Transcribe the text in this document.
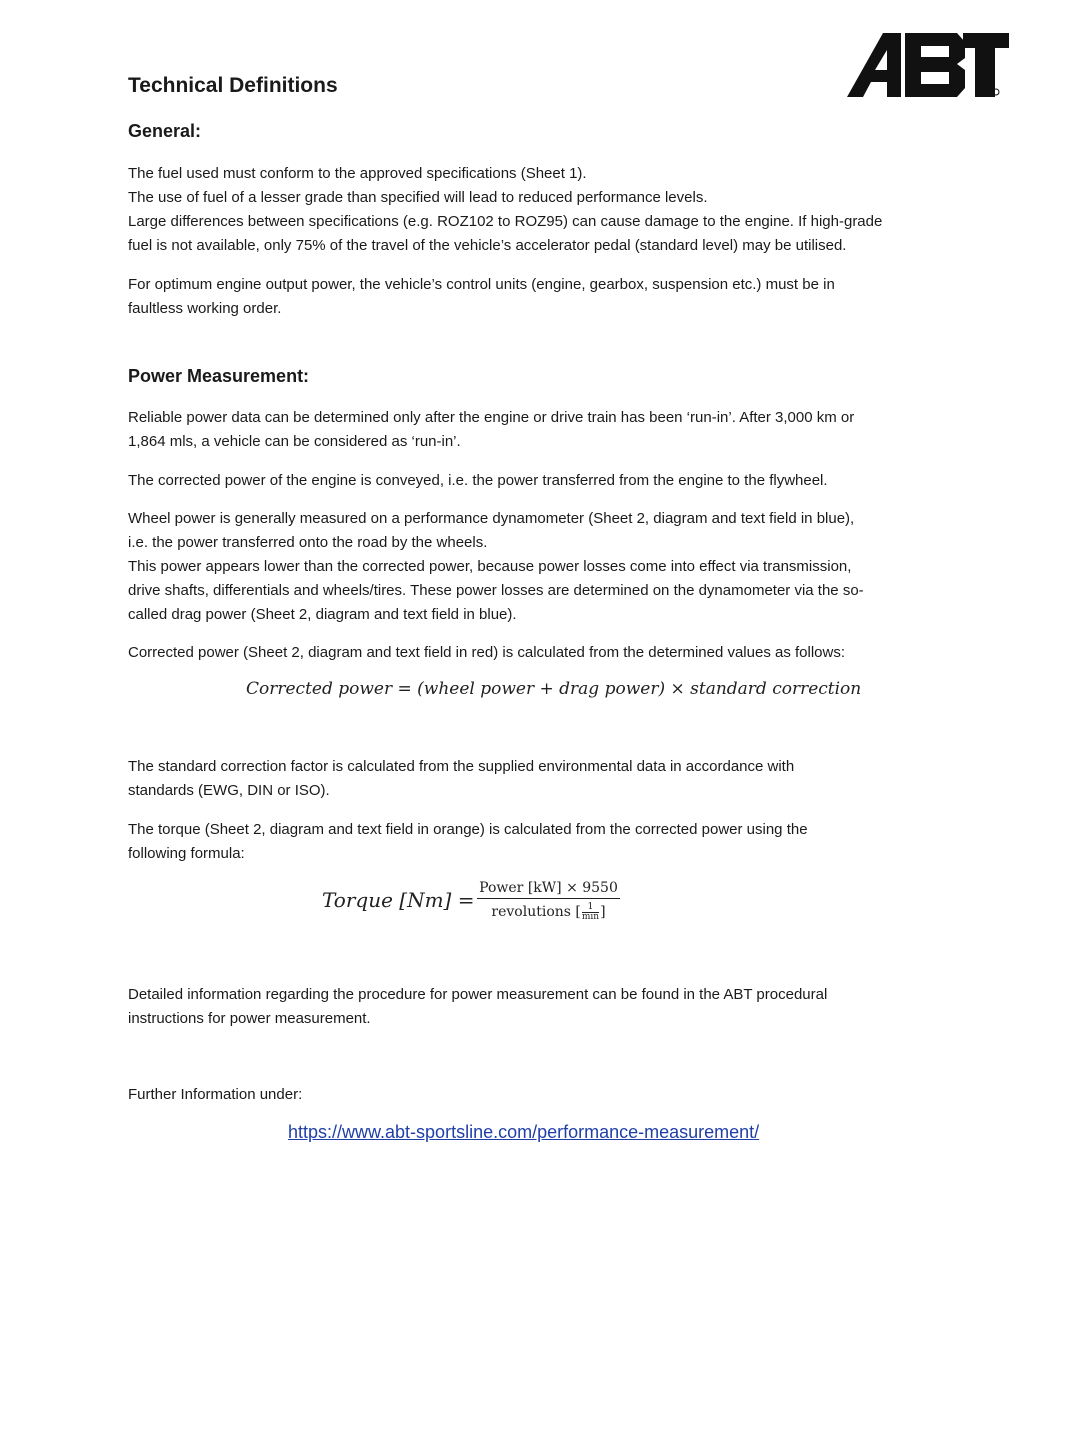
Technical Definitions
General:

The fuel used must conform to the approved specifications (Sheet 1).
The use of fuel of a lesser grade than specified will lead to reduced performance levels.
Large differences between specifications (e.g. ROZ102 to ROZ95) can cause damage to the engine. If high-grade
fuel is not available, only 75% of the travel of the vehicle’s accelerator pedal (standard level) may be utilised.

For optimum engine output power, the vehicle’s control units (engine, gearbox, suspension etc.) must be in
faultless working order.

Power Measurement:

Reliable power data can be determined only after the engine or drive train has been ‘run-in’. After 3,000 km or
1,864 mls, a vehicle can be considered as ‘run-in’.

The corrected power of the engine is conveyed, i.e. the power transferred from the engine to the flywheel.

Wheel power is generally measured on a performance dynamometer (Sheet 2, diagram and text field in blue),
i.e. the power transferred onto the road by the wheels.
This power appears lower than the corrected power, because power losses come into effect via transmission,
drive shafts, differentials and wheels/tires. These power losses are determined on the dynamometer via the so-
called drag power (Sheet 2, diagram and text field in blue).

Corrected power (Sheet 2, diagram and text field in red) is calculated from the determined values as follows:

Corrected power = (wheel power + drag power) × standard correction

The standard correction factor is calculated from the supplied environmental data in accordance with
standards (EWG, DIN or ISO).

The torque (Sheet 2, diagram and text field in orange) is calculated from the corrected power using the
following formula:

Torque [Nm] = Power [kW] × 9550
revolutions [ 1
min ]

Detailed information regarding the procedure for power measurement can be found in the ABT procedural
instructions for power measurement.

Further Information under:

https://www.abt-sportsline.com/performance-measurement/
